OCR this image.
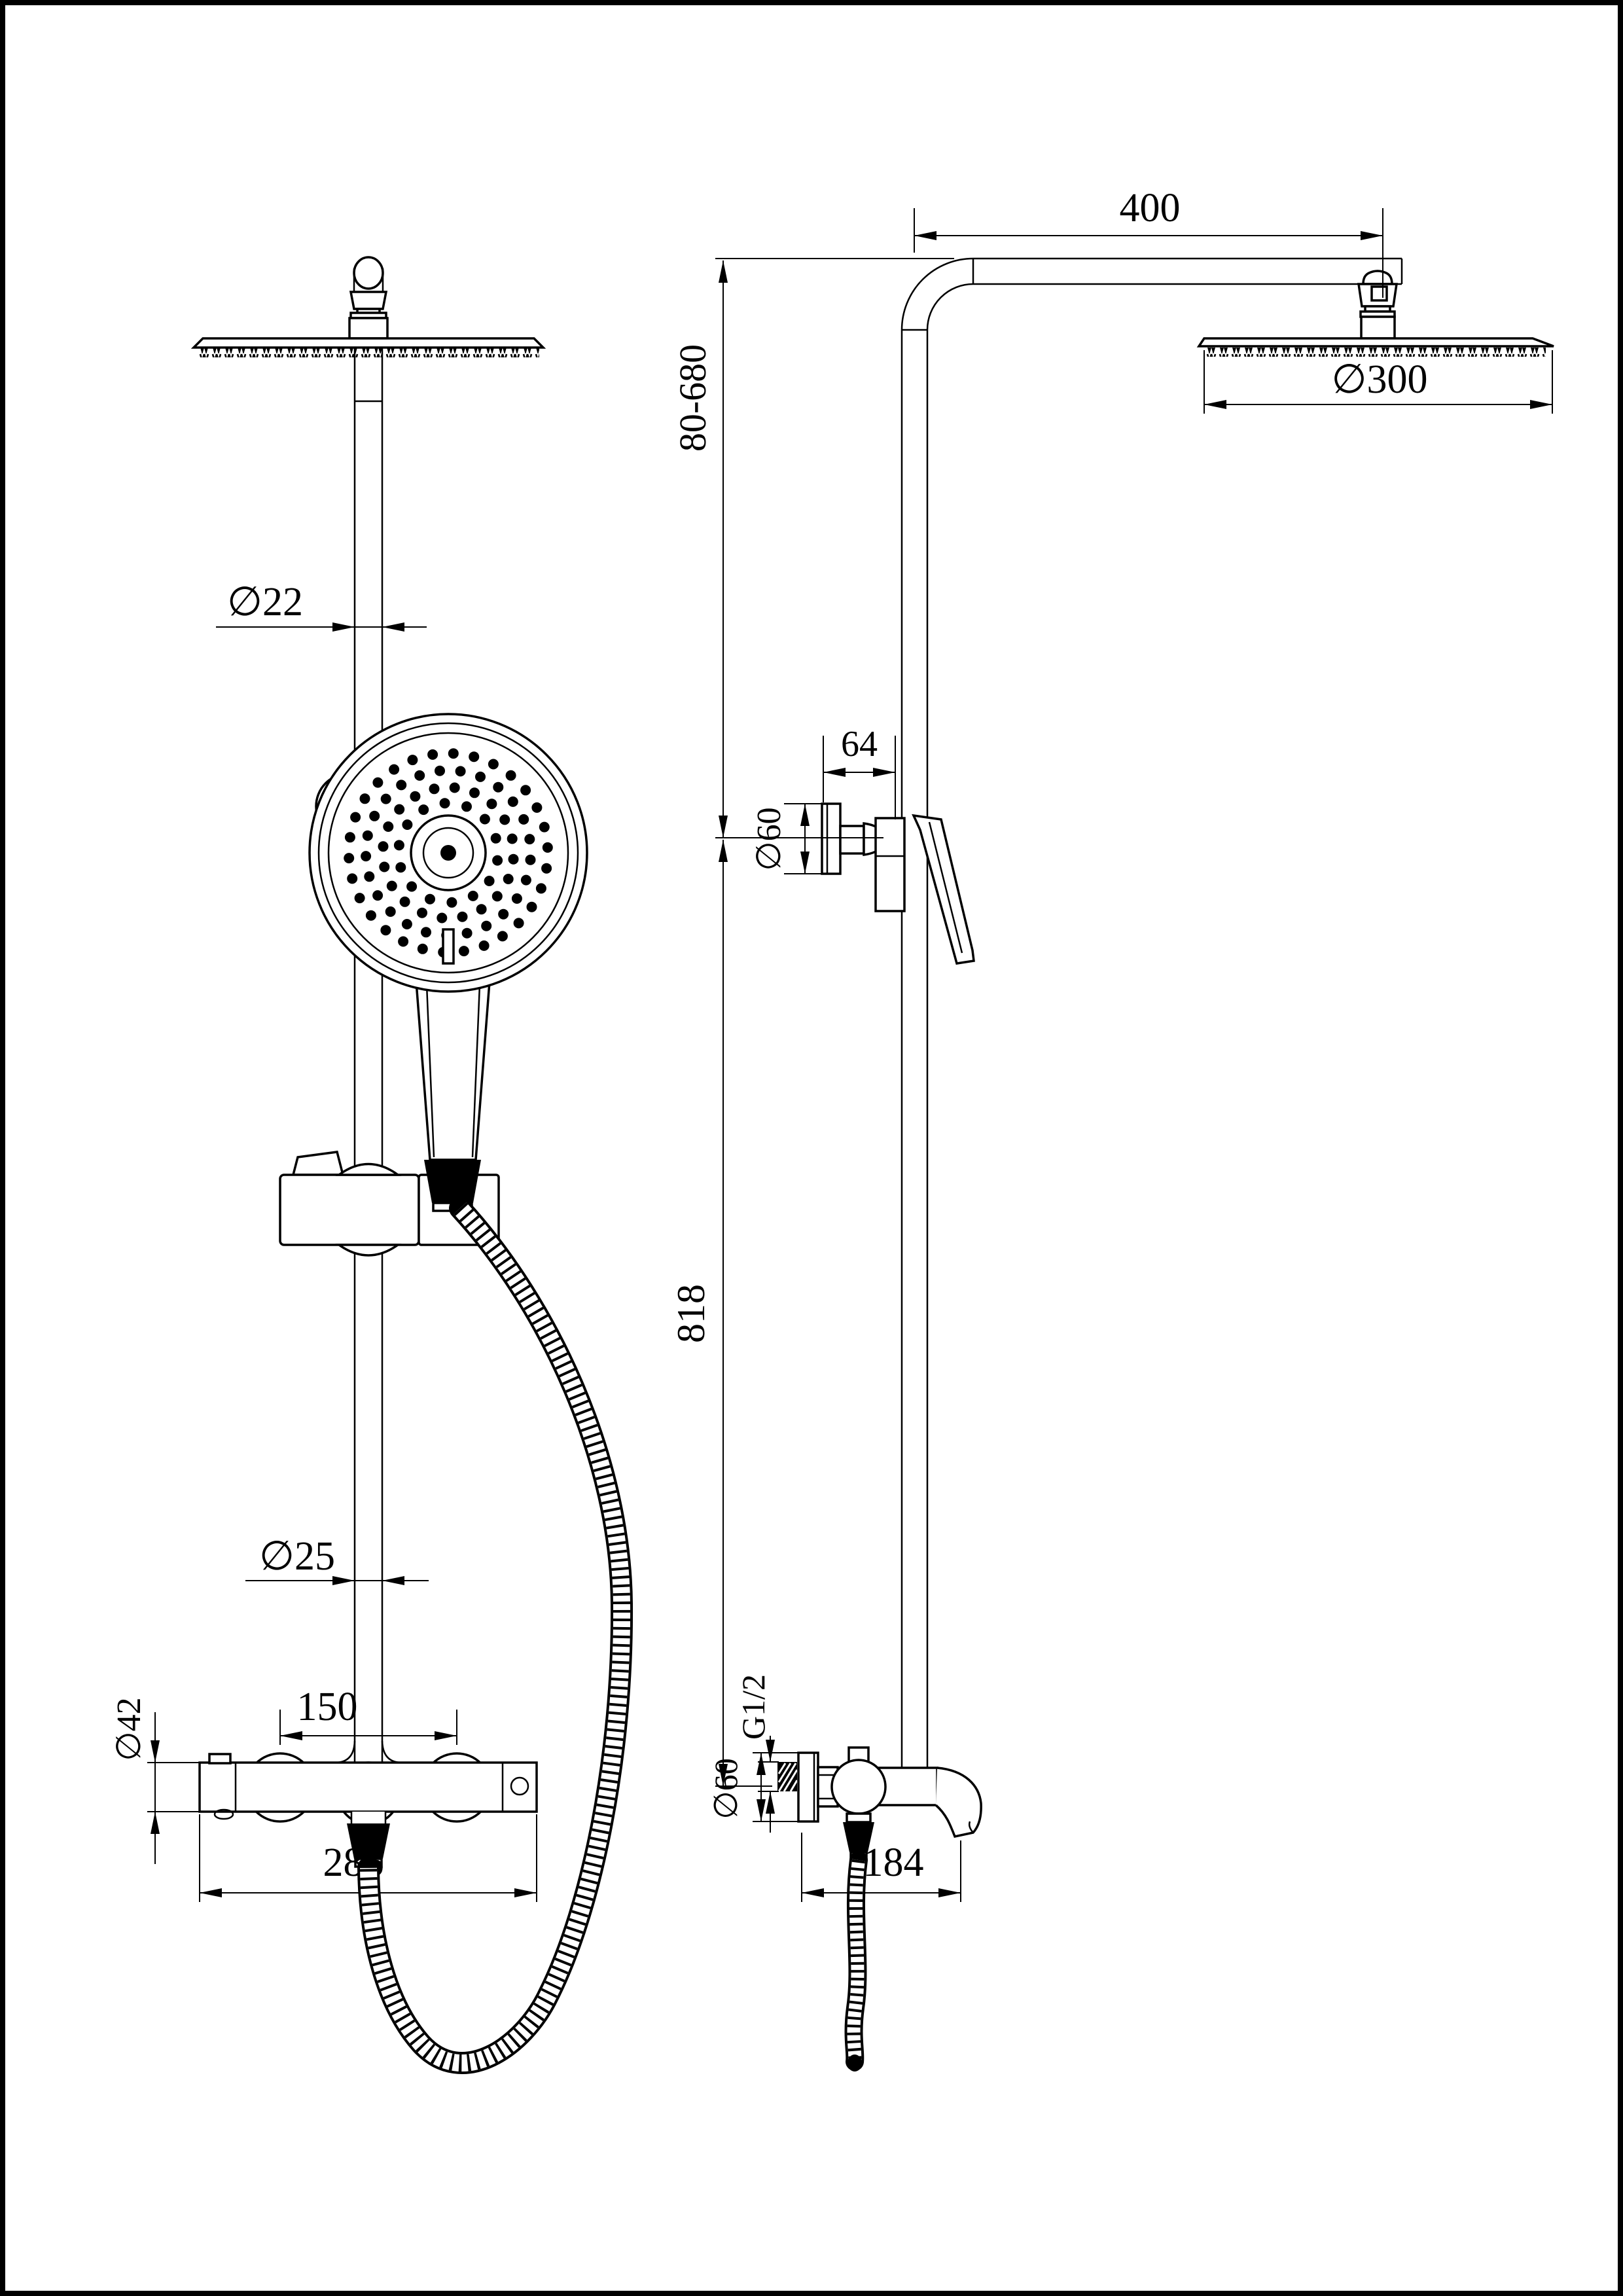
∅22
∅25
∅42	150
286
400
∅300
80-680
64
∅60
818
G1/2
∅60
184
